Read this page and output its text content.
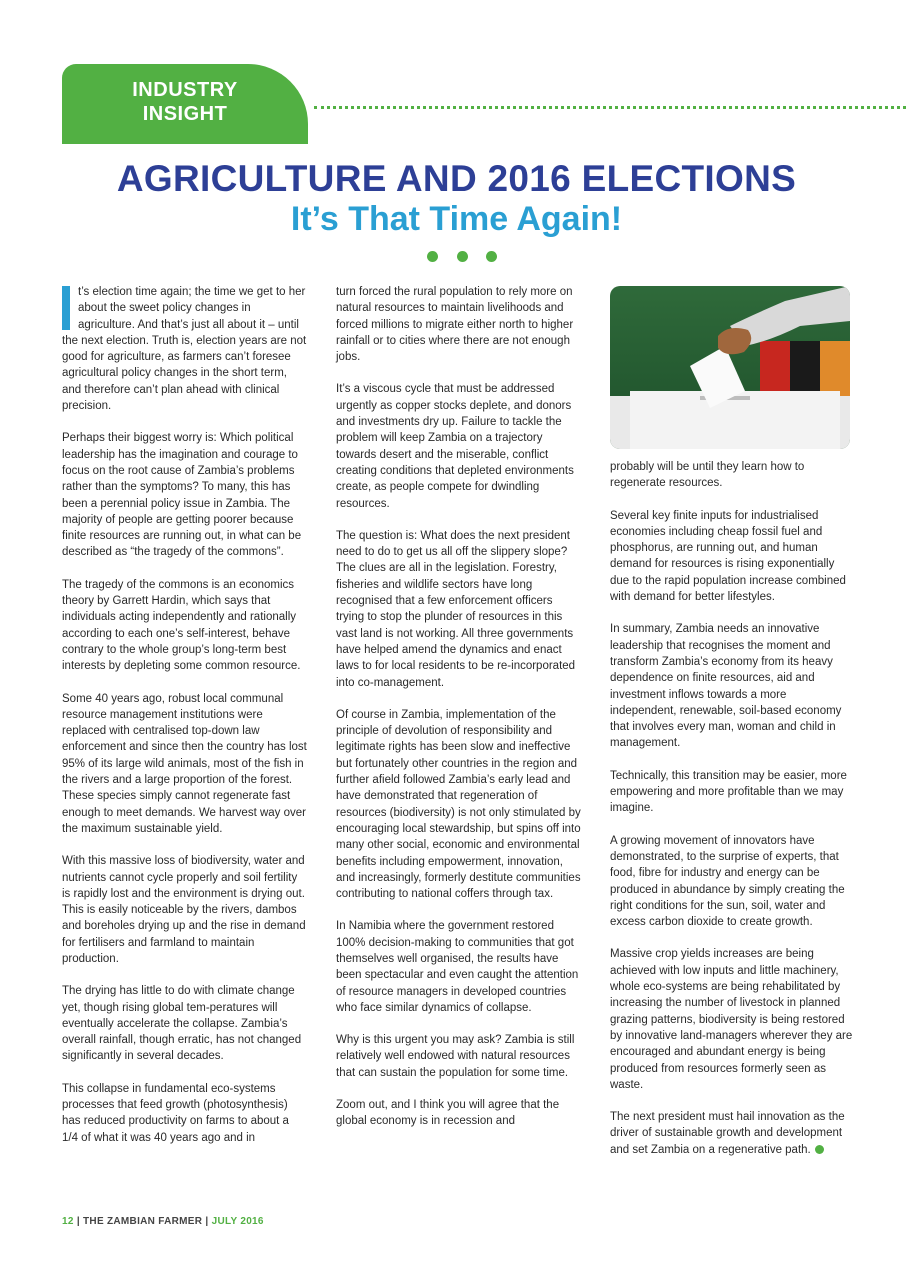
INDUSTRY
INSIGHT
AGRICULTURE AND 2016 ELECTIONS
It’s That Time Again!

t’s election time again; the time we get to her about the sweet policy changes in agriculture. And that’s just all about it – until the next election. Truth is, election years are not good for agriculture, as farmers can’t foresee agricultural policy changes in the short term, and therefore can’t plan ahead with clinical precision.

Perhaps their biggest worry is: Which political leadership has the imagination and courage to focus on the root cause of Zambia’s problems rather than the symptoms? To many, this has been a perennial policy issue in Zambia. The majority of people are getting poorer because finite resources are running out, in what can be described as “the tragedy of the commons”.

The tragedy of the commons is an economics theory by Garrett Hardin, which says that individuals acting independently and rationally according to each one’s self-interest, behave contrary to the whole group’s long-term best interests by depleting some common resource.

Some 40 years ago, robust local communal resource management institutions were replaced with centralised top-down law enforcement and since then the country has lost 95% of its large wild animals, most of the fish in the rivers and a large proportion of the forest. These species simply cannot regenerate fast enough to meet demands. We harvest way over the maximum sustainable yield.

With this massive loss of biodiversity, water and nutrients cannot cycle properly and soil fertility is rapidly lost and the environment is drying out. This is easily noticeable by the rivers, dambos and boreholes drying up and the rise in demand for fertilisers and farmland to maintain production.

The drying has little to do with climate change yet, though rising global tem-peratures will eventually accelerate the collapse. Zambia’s overall rainfall, though erratic, has not changed significantly in several decades.

This collapse in fundamental eco-systems processes that feed growth (photosynthesis) has reduced productivity on farms to about a 1/4 of what it was 40 years ago and in

turn forced the rural population to rely more on natural resources to maintain livelihoods and forced millions to migrate either north to higher rainfall or to cities where there are not enough jobs.

It’s a viscous cycle that must be addressed urgently as copper stocks deplete, and donors and investments dry up. Failure to tackle the problem will keep Zambia on a trajectory towards desert and the miserable, conflict creating conditions that depleted environments create, as people compete for dwindling resources.

The question is: What does the next president need to do to get us all off the slippery slope? The clues are all in the legislation. Forestry, fisheries and wildlife sectors have long recognised that a few enforcement officers trying to stop the plunder of resources in this vast land is not working. All three governments have helped amend the dynamics and enact laws to for local residents to be re-incorporated into co-management.

Of course in Zambia, implementation of the principle of devolution of responsibility and legitimate rights has been slow and ineffective but fortunately other countries in the region and further afield followed Zambia’s early lead and have demonstrated that regeneration of resources (biodiversity) is not only stimulated by encouraging local stewardship, but spins off into many other social, economic and environmental benefits including empowerment, innovation, and increasingly, formerly destitute communities contributing to national coffers through tax.

In Namibia where the government restored 100% decision-making to communities that got themselves well organised, the results have been spectacular and even caught the attention of resource managers in developed countries who face similar dynamics of collapse.

Why is this urgent you may ask? Zambia is still relatively well endowed with natural resources that can sustain the population for some time.

Zoom out, and I think you will agree that the global economy is in recession and

probably will be until they learn how to regenerate resources.

Several key finite inputs for industrialised economies including cheap fossil fuel and phosphorus, are running out, and human demand for resources is rising exponentially due to the rapid population increase combined with demand for better lifestyles.

In summary, Zambia needs an innovative leadership that recognises the moment and transform Zambia’s economy from its heavy dependence on finite resources, aid and investment inflows towards a more independent, renewable, soil-based economy that involves every man, woman and child in management.

Technically, this transition may be easier, more empowering and more profitable than we may imagine.

A growing movement of innovators have demonstrated, to the surprise of experts, that food, fibre for industry and energy can be produced in abundance by simply creating the right conditions for the sun, soil, water and excess carbon dioxide to create growth.

Massive crop yields increases are being achieved with low inputs and little machinery, whole eco-systems are being rehabilitated by increasing the number of livestock in planned grazing patterns, biodiversity is being restored by innovative land-managers wherever they are encouraged and abundant energy is being produced from resources formerly seen as waste.

The next president must hail innovation as the driver of sustainable growth and development and set Zambia on a regenerative path.

12 | THE ZAMBIAN FARMER | JULY 2016
